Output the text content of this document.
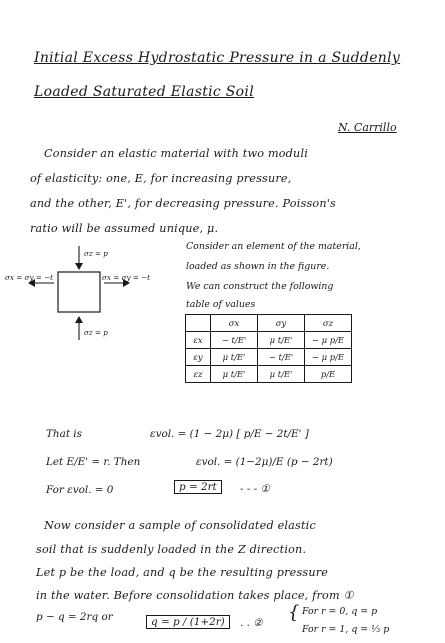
Initial Excess Hydrostatic Pressure in a Suddenly
Loaded Saturated Elastic Soil
N. Carrillo
Consider an elastic material with two moduli
of elasticity: one, E, for increasing pressure,
and the other, E', for decreasing pressure. Poisson's
ratio will be assumed unique, μ.
σz = p
σx = σy = −t	σx = σy = −t
σz = p
Consider an element of the material,
loaded as shown in the figure.
We can construct the following
table of values
	σx	σy	σz
εx	− t/E'	μ t/E'	− μ p/E
εy	μ t/E'	− t/E'	− μ p/E
εz	μ t/E'	μ t/E'	p/E
That is	εvol. = (1 − 2μ) [ p/E − 2t/E' ]
Let E/E' = r. Then	εvol. = (1−2μ)/E (p − 2rt)
For εvol. = 0	p = 2rt	- - - ①
Now consider a sample of consolidated elastic
soil that is suddenly loaded in the Z direction.
Let p be the load, and q be the resulting pressure
in the water. Before consolidation takes place, from ①
p − q = 2rq or	q = p / (1+2r)	. . ② { For r = 0, q = p
For r = 1, q = ⅓ p
